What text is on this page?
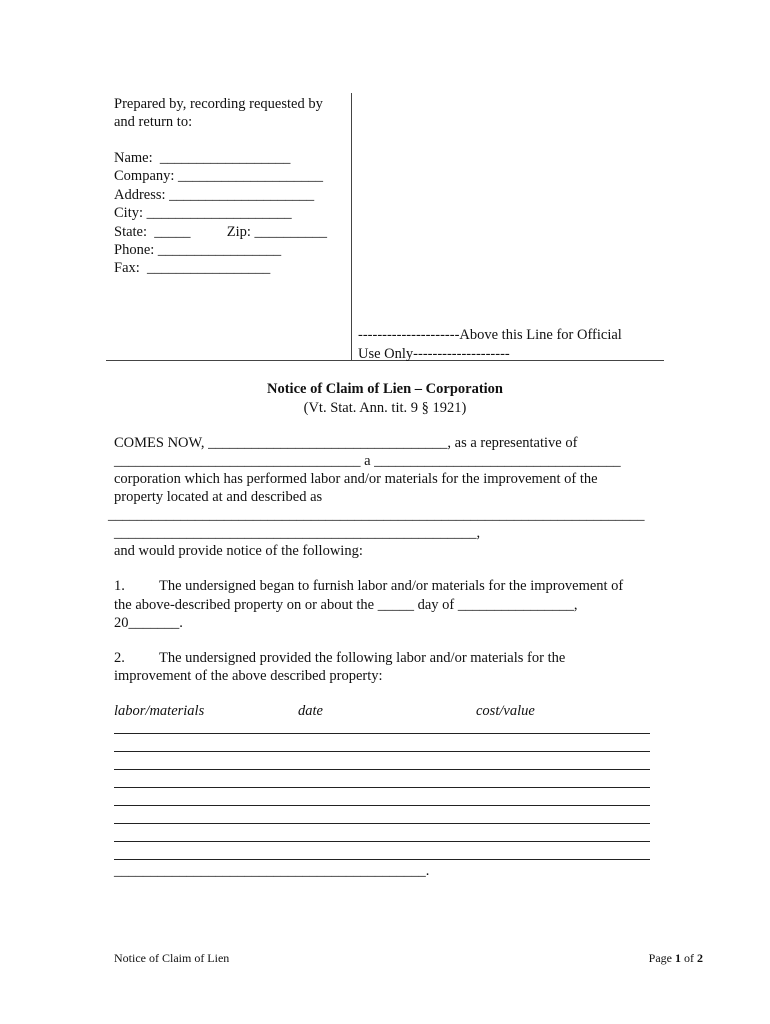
Prepared by, recording requested by
and return to:
Name:  __________________
Company: ____________________
Address: ____________________
City: ____________________
State:  _____          Zip: __________
Phone: _________________
Fax:  _________________
---------------------Above this Line for Official
Use Only--------------------
Notice of Claim of Lien – Corporation
(Vt. Stat. Ann. tit. 9 § 1921)
COMES NOW, _________________________________, as a representative of
__________________________________ a __________________________________
corporation which has performed labor and/or materials for the improvement of the
property located at and described as
__________________________________________________________________________
__________________________________________________,
and would provide notice of the following:
1. The undersigned began to furnish labor and/or materials for the improvement of
the above-described property on or about the _____ day of ________________,
20_______.
2. The undersigned provided the following labor and/or materials for the
improvement of the above described property:
labor/materials	date	cost/value
___________________________________________.
Notice of Claim of Lien	Page 1 of 2
